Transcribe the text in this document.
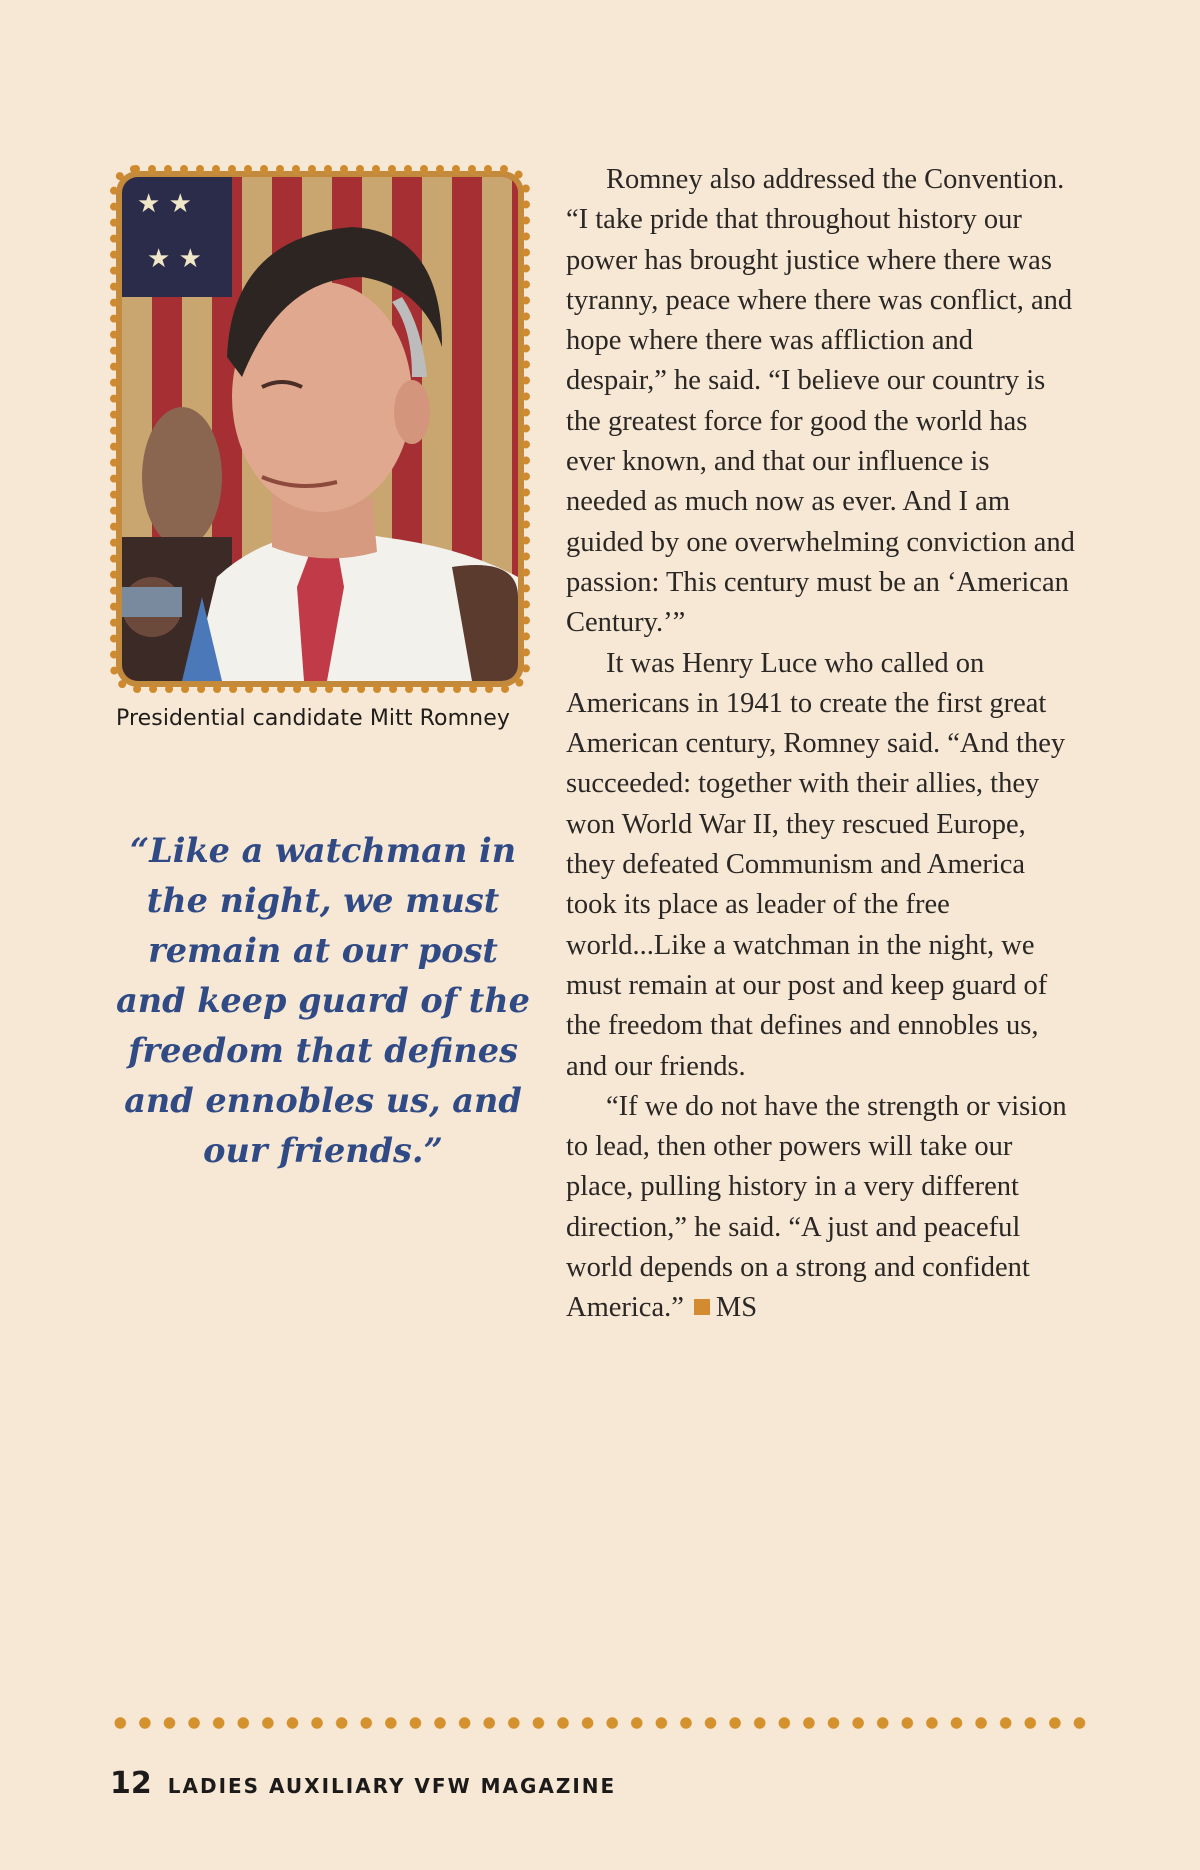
★ ★
★ ★
Presidential candidate Mitt Romney
“Like a watchman in the night, we must remain at our post and keep guard of the freedom that defines and ennobles us, and our friends.”

Romney also addressed the Convention. “I take pride that throughout history our power has brought justice where there was tyranny, peace where there was conflict, and hope where there was affliction and despair,” he said. “I believe our country is the greatest force for good the world has ever known, and that our influence is needed as much now as ever. And I am guided by one overwhelming conviction and passion: This century must be an ‘American Century.’”

It was Henry Luce who called on Americans in 1941 to create the first great American century, Romney said. “And they succeeded: together with their allies, they won World War II, they rescued Europe, they defeated Communism and America took its place as leader of the free world...Like a watchman in the night, we must remain at our post and keep guard of the freedom that defines and ennobles us, and our friends.

“If we do not have the strength or vision to lead, then other powers will take our place, pulling history in a very different direction,” he said. “A just and peaceful world depends on a strong and confident America.” MS

12 LADIES AUXILIARY VFW MAGAZINE
